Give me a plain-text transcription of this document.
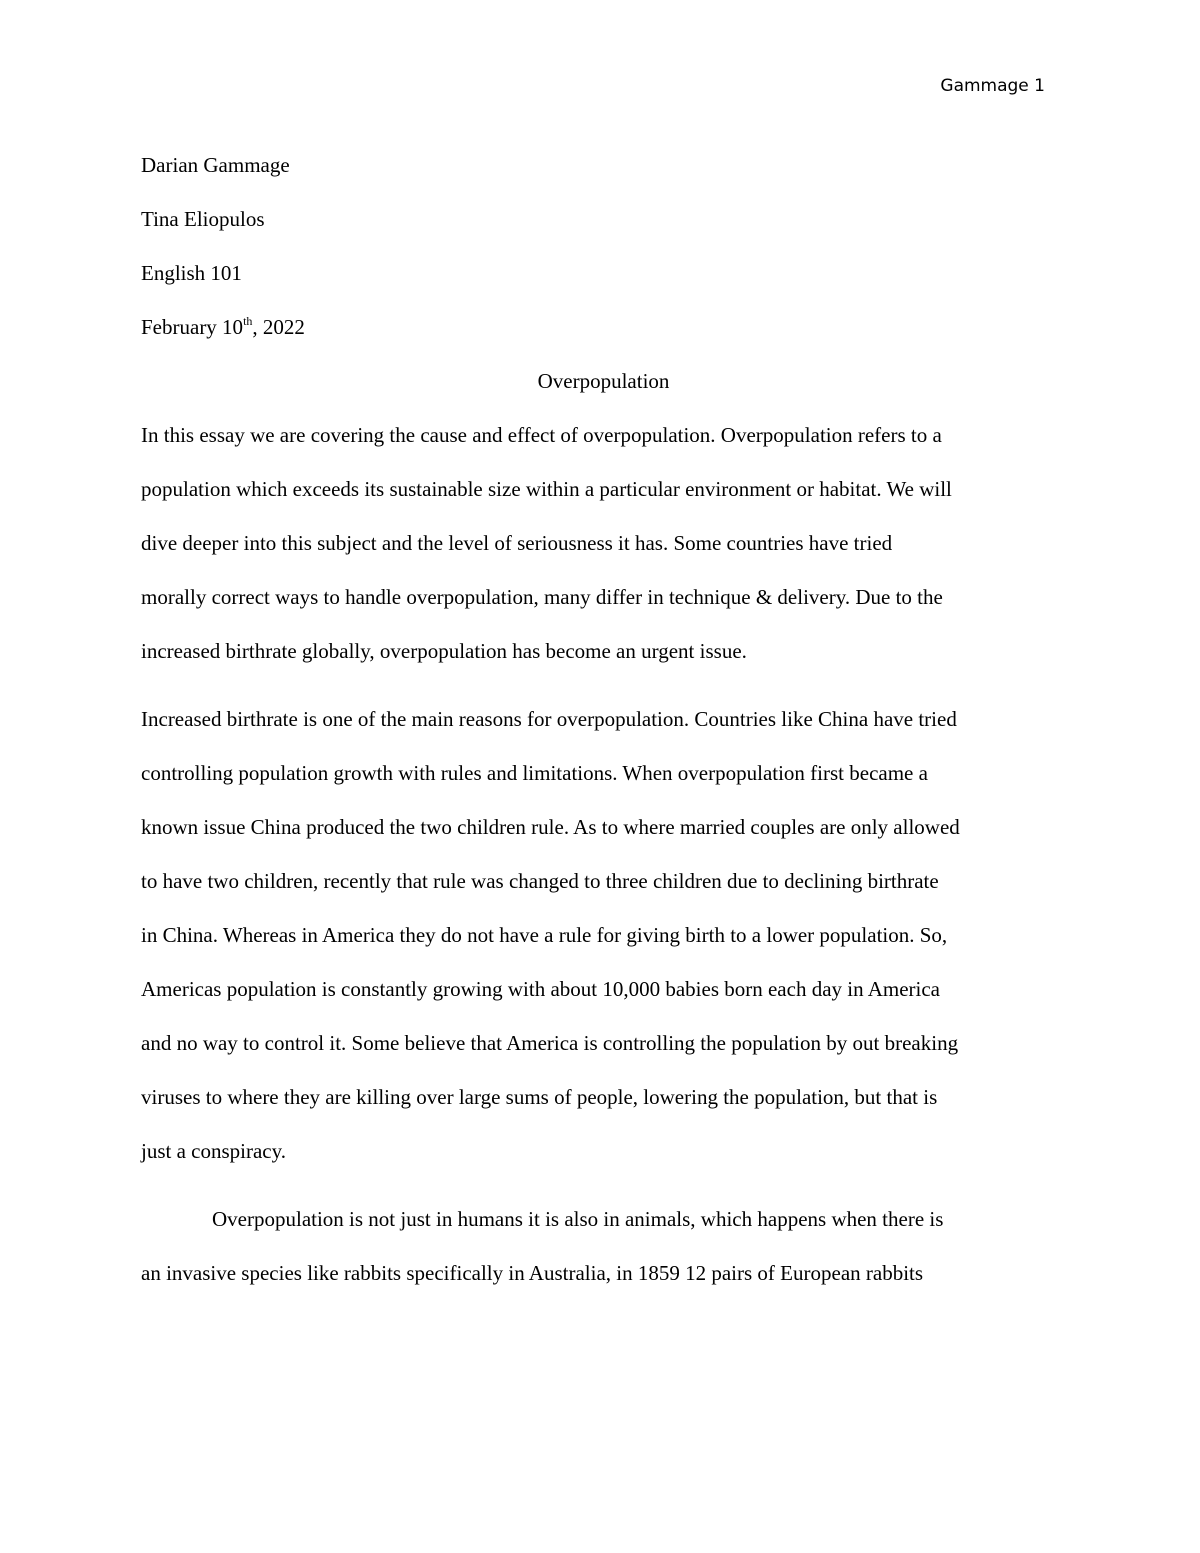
Gammage 1

Darian Gammage

Tina Eliopulos

English 101

February 10th, 2022

Overpopulation

In this essay we are covering the cause and effect of overpopulation. Overpopulation refers to a
population which exceeds its sustainable size within a particular environment or habitat. We will
dive deeper into this subject and the level of seriousness it has. Some countries have tried
morally correct ways to handle overpopulation, many differ in technique & delivery. Due to the
increased birthrate globally, overpopulation has become an urgent issue.

Increased birthrate is one of the main reasons for overpopulation. Countries like China have tried
controlling population growth with rules and limitations. When overpopulation first became a
known issue China produced the two children rule. As to where married couples are only allowed
to have two children, recently that rule was changed to three children due to declining birthrate
in China. Whereas in America they do not have a rule for giving birth to a lower population. So,
Americas population is constantly growing with about 10,000 babies born each day in America
and no way to control it. Some believe that America is controlling the population by out breaking
viruses to where they are killing over large sums of people, lowering the population, but that is
just a conspiracy.

Overpopulation is not just in humans it is also in animals, which happens when there is
an invasive species like rabbits specifically in Australia, in 1859 12 pairs of European rabbits
